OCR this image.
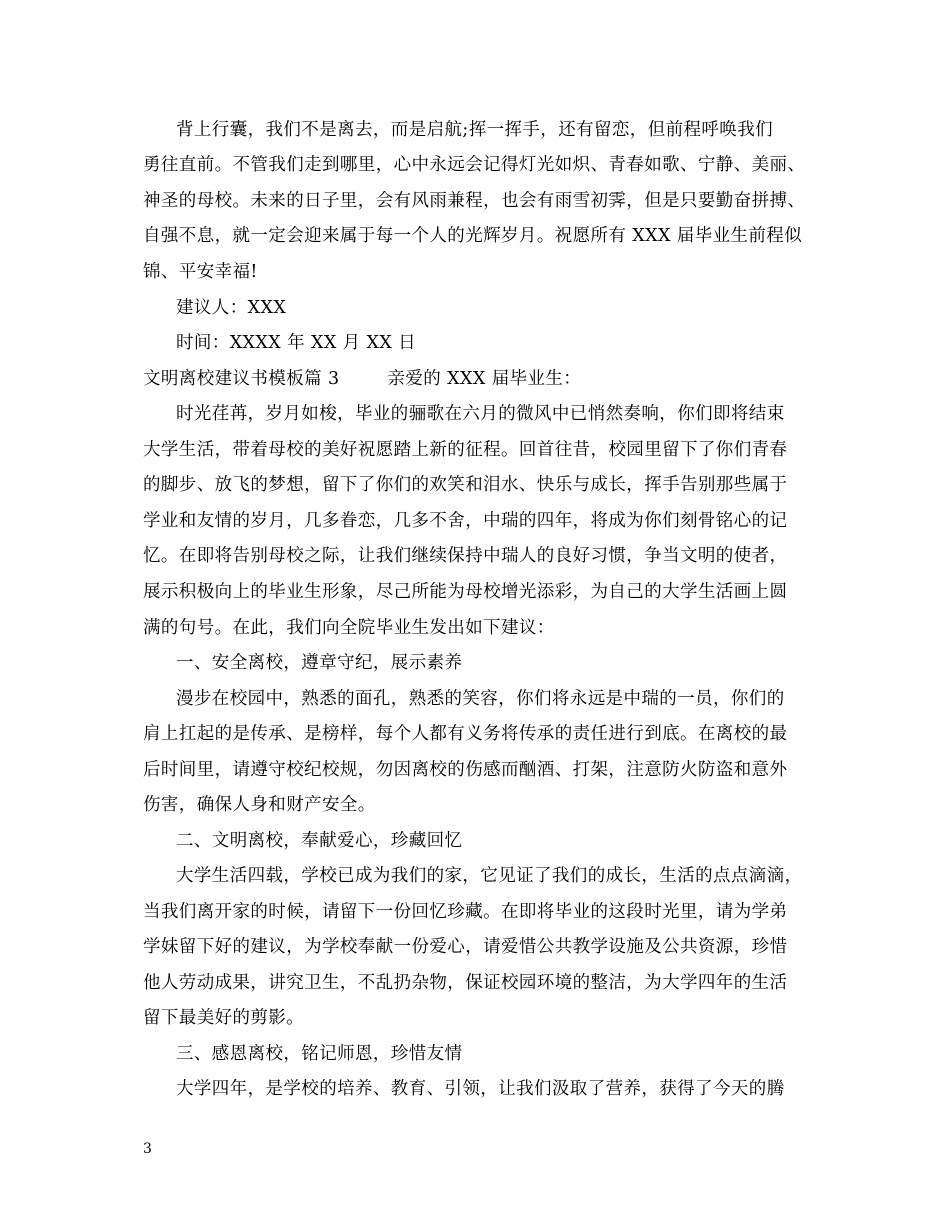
背上行囊，我们不是离去，而是启航;挥一挥手，还有留恋，但前程呼唤我们
勇往直前。不管我们走到哪里，心中永远会记得灯光如炽、青春如歌、宁静、美丽、
神圣的母校。未来的日子里，会有风雨兼程，也会有雨雪初霁，但是只要勤奋拼搏、
自强不息，就一定会迎来属于每一个人的光辉岁月。祝愿所有 XXX 届毕业生前程似
锦、平安幸福!
建议人：XXX
时间：XXXX 年 XX 月 XX 日
文明离校建议书模板篇 3	亲爱的 XXX 届毕业生：
时光荏苒，岁月如梭，毕业的骊歌在六月的微风中已悄然奏响，你们即将结束
大学生活，带着母校的美好祝愿踏上新的征程。回首往昔，校园里留下了你们青春
的脚步、放飞的梦想，留下了你们的欢笑和泪水、快乐与成长，挥手告别那些属于
学业和友情的岁月，几多眷恋，几多不舍，中瑞的四年，将成为你们刻骨铭心的记
忆。在即将告别母校之际，让我们继续保持中瑞人的良好习惯，争当文明的使者，
展示积极向上的毕业生形象，尽己所能为母校增光添彩，为自己的大学生活画上圆
满的句号。在此，我们向全院毕业生发出如下建议：
一、安全离校，遵章守纪，展示素养
漫步在校园中，熟悉的面孔，熟悉的笑容，你们将永远是中瑞的一员，你们的
肩上扛起的是传承、是榜样，每个人都有义务将传承的责任进行到底。在离校的最
后时间里，请遵守校纪校规，勿因离校的伤感而酗酒、打架，注意防火防盗和意外
伤害，确保人身和财产安全。
二、文明离校，奉献爱心，珍藏回忆
大学生活四载，学校已成为我们的家，它见证了我们的成长，生活的点点滴滴，
当我们离开家的时候，请留下一份回忆珍藏。在即将毕业的这段时光里，请为学弟
学妹留下好的建议，为学校奉献一份爱心，请爱惜公共教学设施及公共资源，珍惜
他人劳动成果，讲究卫生，不乱扔杂物，保证校园环境的整洁，为大学四年的生活
留下最美好的剪影。
三、感恩离校，铭记师恩，珍惜友情
大学四年，是学校的培养、教育、引领，让我们汲取了营养，获得了今天的腾
3
